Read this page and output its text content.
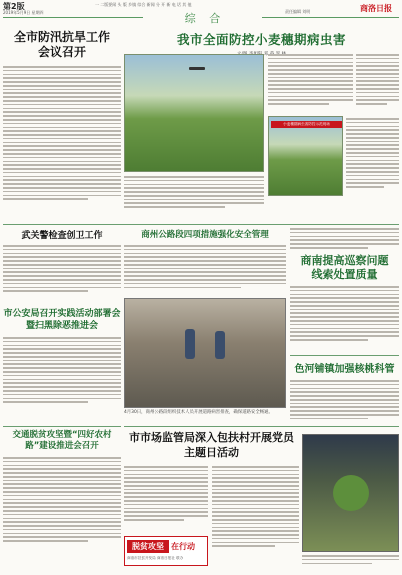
第2版	一 二版要闻 头 版 乡镇 综合 新闻 分 开 新 电 话 其 他
2019年5月9日 星期四	责任编辑 刘明	商洛日报
综 合
全市防汛抗旱工作会议召开
我市全面防控小麦穗期病虫害
邓
小麦穗期病虫害防控示范现场
武关警检查创卫工作	商州公路段四项措施强化安全管理
商南提高巡察问题线索处置质量
4月30日，商州公路段组织技术人员开展道路病害排查，确保道路安全畅通。
市公安局召开实践活动部署会暨扫黑除恶推进会
色河铺镇加强核桃科管
交通脱贫攻坚暨“四好农村路”建设推进会召开
市市场监管局深入包扶村开展党员主题日活动
脱贫攻坚 在行动
商洛市扶贫开发局 商洛日报社 联办
